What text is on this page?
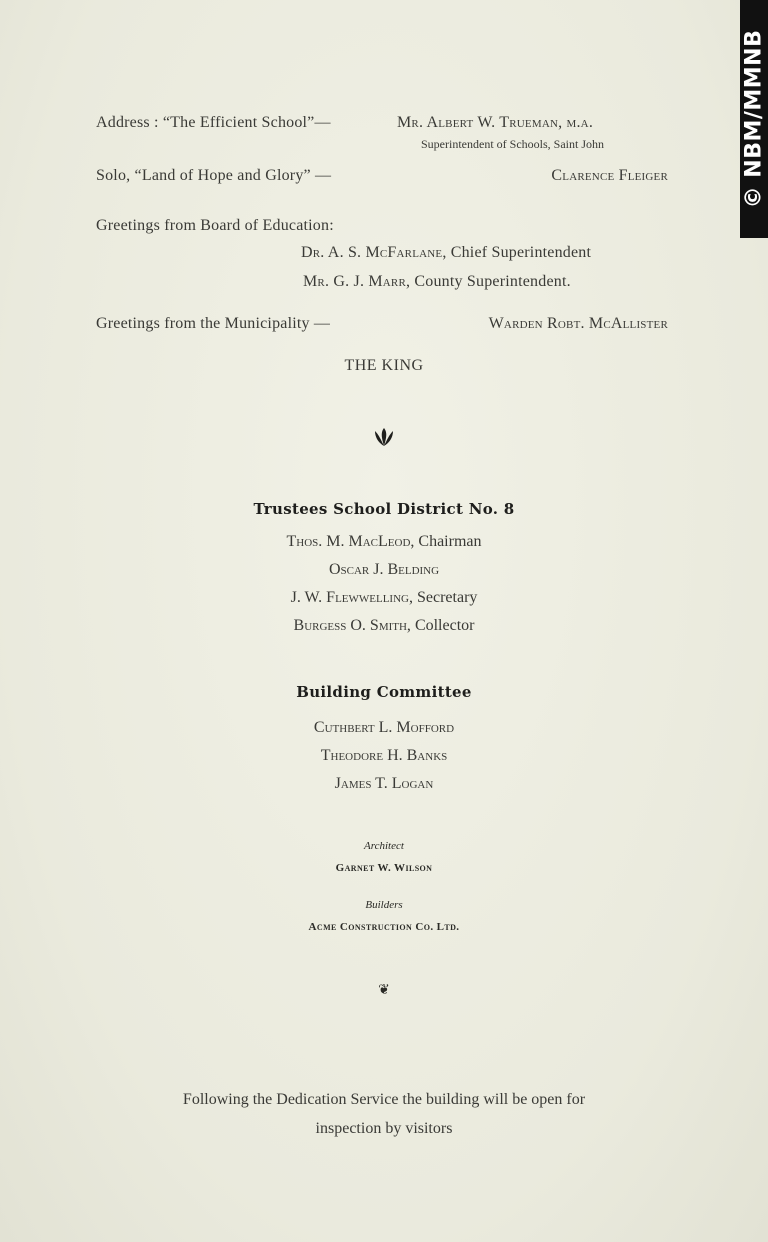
Address : “The Efficient School”—	Mr. Albert W. Trueman, m.a.
Superintendent of Schools, Saint John
Solo, “Land of Hope and Glory” —	Clarence Fleiger
Greetings from Board of Education:
Dr. A. S. McFarlane, Chief Superintendent
Mr. G. J. Marr, County Superintendent.
Greetings from the Municipality —	Warden Robt. McAllister
THE KING
Trustees School District No. 8
Thos. M. MacLeod, Chairman
Oscar J. Belding
J. W. Flewwelling, Secretary
Burgess O. Smith, Collector
Building Committee
Cuthbert L. Mofford
Theodore H. Banks
James T. Logan
Architect
Garnet W. Wilson
Builders
Acme Construction Co. Ltd.
❦
Following the Dedication Service the building will be open for
inspection by visitors
© NBM/MMNB
